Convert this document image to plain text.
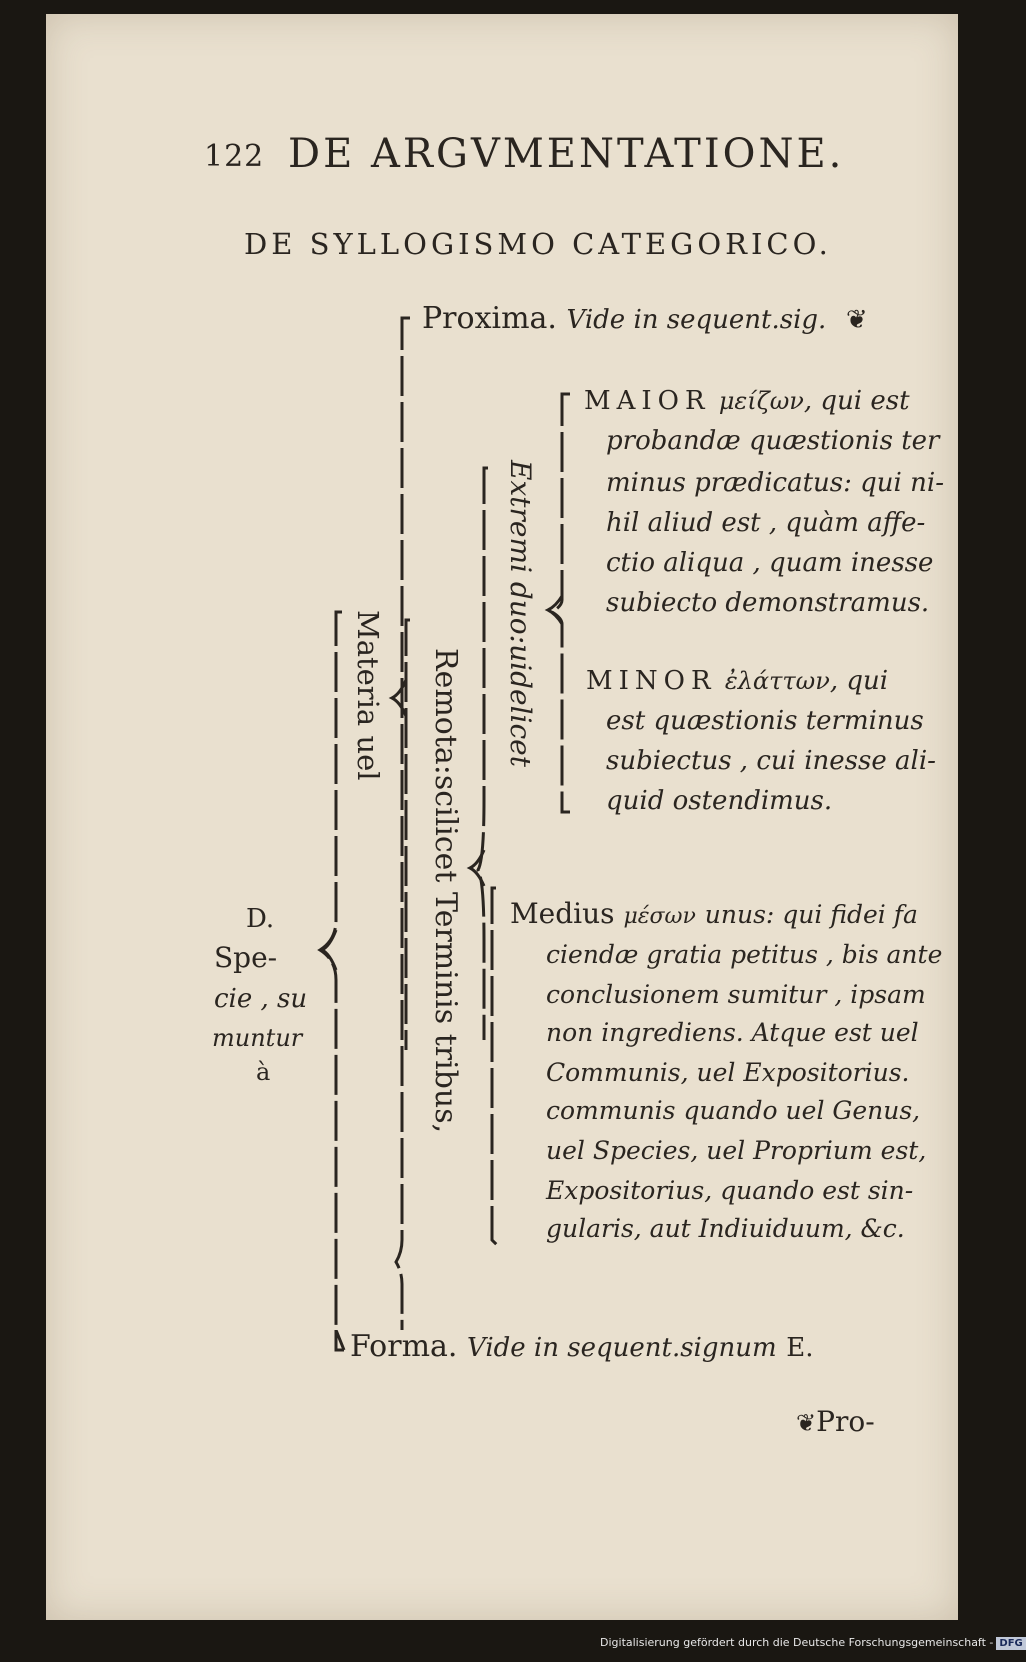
122 DE ARGVMENTATIONE.
DE SYLLOGISMO CATEGORICO.
Proxima. Vide in sequent.sig. ❦
Materia uel Remota:scilicet Terminis tribus,
Extremi duo:uidelicet
D.
Spe-
cie , su
muntur
à
MAIOR μείζων, qui est
probandæ quæstionis ter
minus prædicatus: qui ni-
hil aliud est , quàm affe-
ctio aliqua , quam inesse
subiecto demonstramus.
MINOR ἐλάττων, qui
est quæstionis terminus
subiectus , cui inesse ali-
quid ostendimus.
Medius μέσων unus: qui fidei fa
ciendæ gratia petitus , bis ante
conclusionem sumitur , ipsam
non ingrediens. Atque est uel
Communis, uel Expositorius.
communis quando uel Genus,
uel Species, uel Proprium est,
Expositorius, quando est sin-
gularis, aut Indiuiduum, &c.
Forma. Vide in sequent.signum E.
❦Pro-
Digitalisierung gefördert durch die Deutsche Forschungsgemeinschaft - DFG
